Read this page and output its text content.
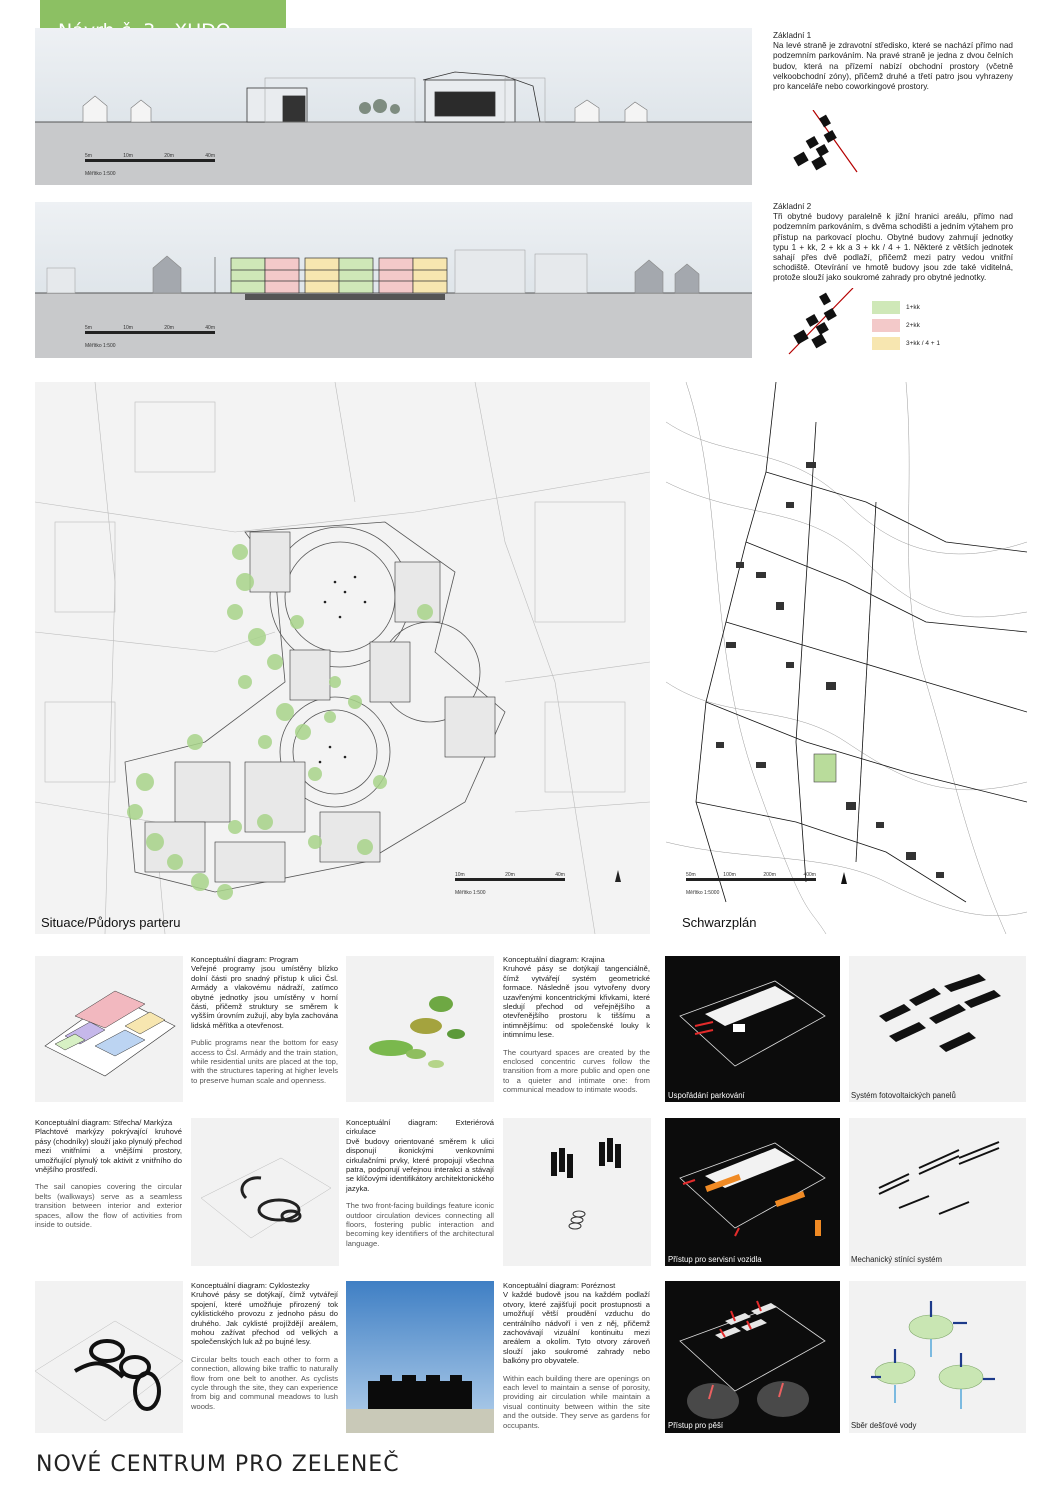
5m	10m	20m	40m
Měřítko 1:500
Základní 1
Na levé straně je zdravotní středisko, které se nachází přímo nad podzemním parkováním. Na pravé straně je jedna z dvou čelních budov, která na přízemí nabízí obchodní prostory (včetně velkoobchodní zóny), přičemž druhé a třetí patro jsou vyhrazeny pro kanceláře nebo coworkingové prostory.
5m	10m	20m	40m
Měřítko 1:500
Základní 2
Tři obytné budovy paralelně k jižní hranici areálu, přímo nad podzemním parkováním, s dvěma schodišti a jedním výtahem pro přístup na parkovací plochu. Obytné budovy zahrnují jednotky typu 1 + kk, 2 + kk a 3 + kk / 4 + 1. Některé z větších jednotek sahají přes dvě podlaží, přičemž mezi patry vedou vnitřní schodiště. Otevírání ve hmotě budovy jsou zde také viditelná, protože slouží jako soukromé zahrady pro obytné jednotky.
1+kk
2+kk
3+kk / 4 + 1
10m	20m	40m
Měřítko 1:500
Situace/Půdorys parteru
50m	100m	200m	400m
Měřítko 1:5000
Schwarzplán
Konceptuální diagram: Program
Veřejné programy jsou umístěny blízko dolní části pro snadný přístup k ulici Čsl. Armády a vlakovému nádraží, zatímco obytné jednotky jsou umístěny v horní části, přičemž struktury se směrem k vyšším úrovním zužují, aby byla zachována lidská měřítka a otevřenost.
Public programs near the bottom for easy access to Čsl. Armády and the train station, while residential units are placed at the top, with the structures tapering at higher levels to preserve human scale and openness.
Konceptuální diagram: Krajina
Kruhové pásy se dotýkají tangenciálně, čímž vytvářejí systém geometrické formace. Následně jsou vytvořeny dvory uzavřenými koncentrickými křivkami, které sledují přechod od veřejnějšího a otevřenějšího prostoru k tiššímu a intimnějšímu: od společenské louky k intimnímu lese.
The courtyard spaces are created by the enclosed concentric curves follow the transition from a more public and open one to a quieter and intimate one: from communical meadow to intimate woods.
Uspořádání parkování	Systém fotovoltaických panelů
Konceptuální diagram: Střecha/ Markýza
Plachtové markýzy pokrývající kruhové pásy (chodníky) slouží jako plynulý přechod mezi vnitřními a vnějšími prostory, umožňující plynulý tok aktivit z vnitřního do vnějšího prostředí.
The sail canopies covering the circular belts (walkways) serve as a seamless transition between interior and exterior spaces, allow the flow of activities from inside to outside.
Konceptuální diagram: Exteriérová cirkulace
Dvě budovy orientované směrem k ulici disponují ikonickými venkovními cirkulačními prvky, které propojují všechna patra, podporují veřejnou interakci a stávají se klíčovými identifikátory architektonického jazyka.
The two front-facing buildings feature iconic outdoor circulation devices connecting all floors, fostering public interaction and becoming key identifiers of the architectural language.
Přístup pro servisní vozidla	Mechanický stínící systém
Konceptuální diagram: Cyklostezky
Kruhové pásy se dotýkají, čímž vytvářejí spojení, které umožňuje přirozený tok cyklistického provozu z jednoho pásu do druhého. Jak cyklisté projíždějí areálem, mohou zažívat přechod od velkých a společenských luk až po bujné lesy.
Circular belts touch each other to form a connection, allowing bike traffic to naturally flow from one belt to another. As cyclists cycle through the site, they can experience from big and communal meadows to lush woods.
Konceptuální diagram: Poréznost
V každé budově jsou na každém podlaží otvory, které zajišťují pocit prostupnosti a umožňují větší proudění vzduchu do centrálního nádvoří i ven z něj, přičemž zachovávají vizuální kontinuitu mezi areálem a okolím. Tyto otvory zároveň slouží jako soukromé zahrady nebo balkóny pro obyvatele.
Within each building there are openings on each level to maintain a sense of porosity, providing air circulation while maintain a visual continuity between within the site and the outside. They serve as gardens for occupants.	Přístup pro pěší	Sběr dešťové vody
NOVÉ CENTRUM PRO ZELENEČ
